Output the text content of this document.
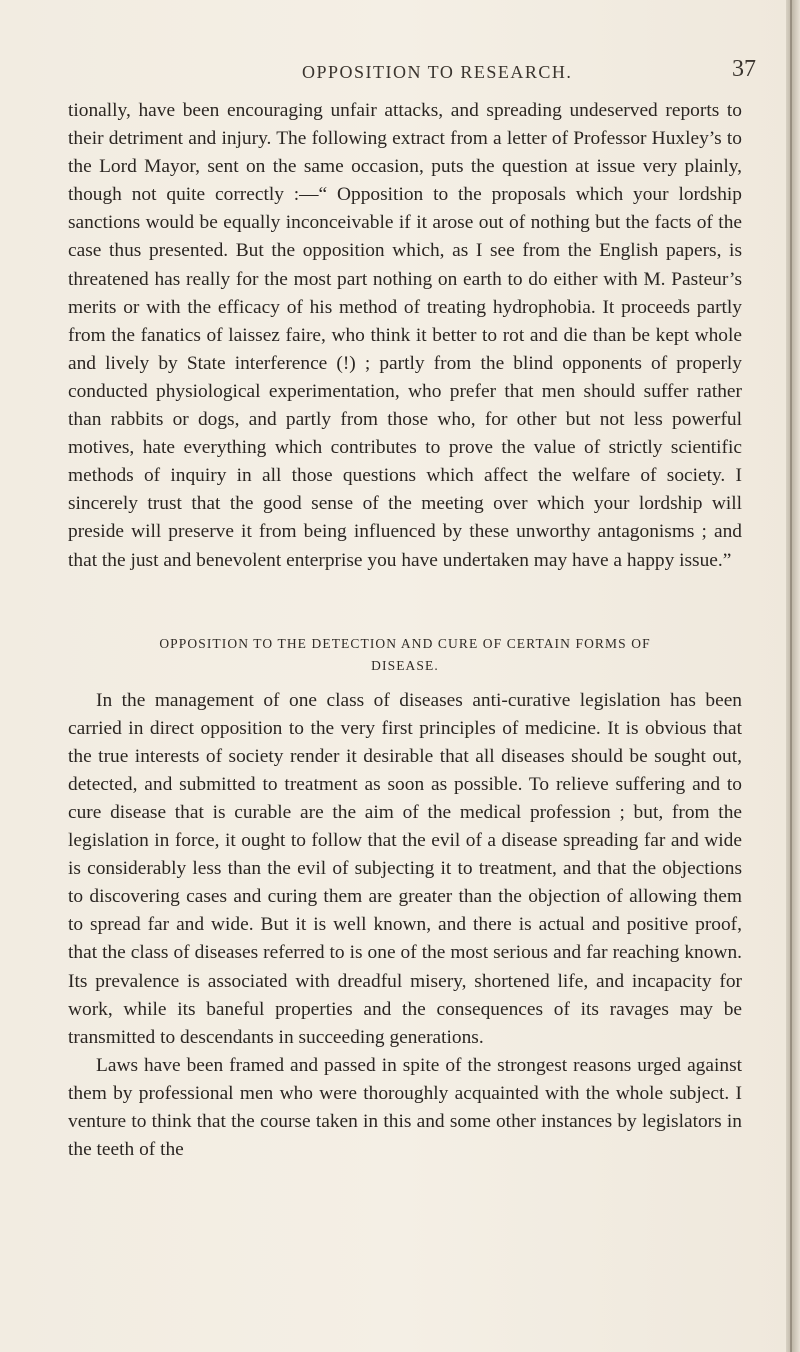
OPPOSITION TO RESEARCH.	37

tionally, have been encouraging unfair attacks, and spreading undeserved reports to their detriment and injury. The following extract from a letter of Professor Huxley’s to the Lord Mayor, sent on the same occasion, puts the question at issue very plainly, though not quite correctly :—“ Opposition to the proposals which your lordship sanctions would be equally inconceivable if it arose out of nothing but the facts of the case thus presented. But the opposition which, as I see from the English papers, is threatened has really for the most part nothing on earth to do either with M. Pasteur’s merits or with the efficacy of his method of treating hydrophobia. It proceeds partly from the fanatics of laissez faire, who think it better to rot and die than be kept whole and lively by State interference (!) ; partly from the blind opponents of properly conducted physiological experimentation, who prefer that men should suffer rather than rabbits or dogs, and partly from those who, for other but not less powerful motives, hate everything which contributes to prove the value of strictly scientific methods of inquiry in all those questions which affect the welfare of society. I sincerely trust that the good sense of the meeting over which your lordship will preside will preserve it from being influenced by these unworthy antagonisms ; and that the just and benevolent enterprise you have undertaken may have a happy issue.”

OPPOSITION TO THE DETECTION AND CURE OF CERTAIN FORMS OF
DISEASE.

In the management of one class of diseases anti-curative legislation has been carried in direct opposition to the very first principles of medicine. It is obvious that the true interests of society render it desirable that all diseases should be sought out, detected, and submitted to treatment as soon as possible. To relieve suffering and to cure disease that is curable are the aim of the medical profession ; but, from the legislation in force, it ought to follow that the evil of a disease spreading far and wide is considerably less than the evil of subjecting it to treatment, and that the objections to discovering cases and curing them are greater than the objection of allowing them to spread far and wide. But it is well known, and there is actual and positive proof, that the class of diseases referred to is one of the most serious and far reaching known. Its prevalence is associated with dreadful misery, shortened life, and incapacity for work, while its baneful properties and the consequences of its ravages may be transmitted to descendants in succeeding generations.

Laws have been framed and passed in spite of the strongest reasons urged against them by professional men who were thoroughly acquainted with the whole subject. I venture to think that the course taken in this and some other instances by legislators in the teeth of the
